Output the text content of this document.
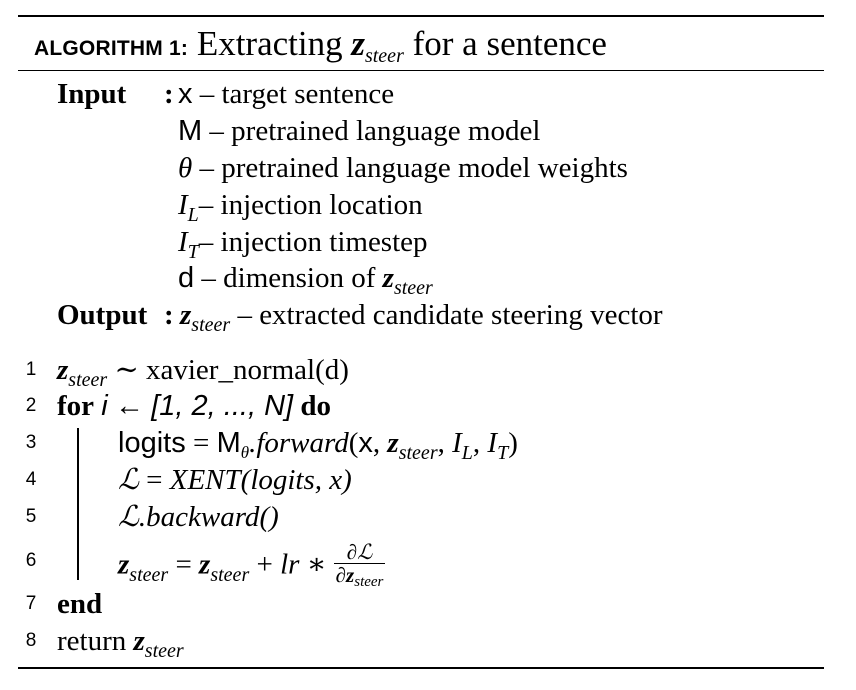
ALGORITHM 1: Extracting $z_{steer}$ for a sentence
Input : x – target sentence
M – pretrained language model
θ – pretrained language model weights
$I_L-$ injection location
$I_T-$ injection timestep
d – dimension of $z_{steer}$
Output : $z_{steer}$ – extracted candidate steering vector
1 $z_{steer}$ ∼ xavier_normal(d)
2 for i ← [1, 2, ..., N] do
3	logits = $M_\theta.forward(x$, $z_{steer}$, $I_L$, $I_T$)
4	ℒ = XENT(logits, x)
5	ℒ.backward()
6	$z_{steer} = z_{steer}$ + lr ∗ $\frac{\text{∂ℒ}}{\text{∂zsteer}}$
7 end
8 return $z_{steer}$
